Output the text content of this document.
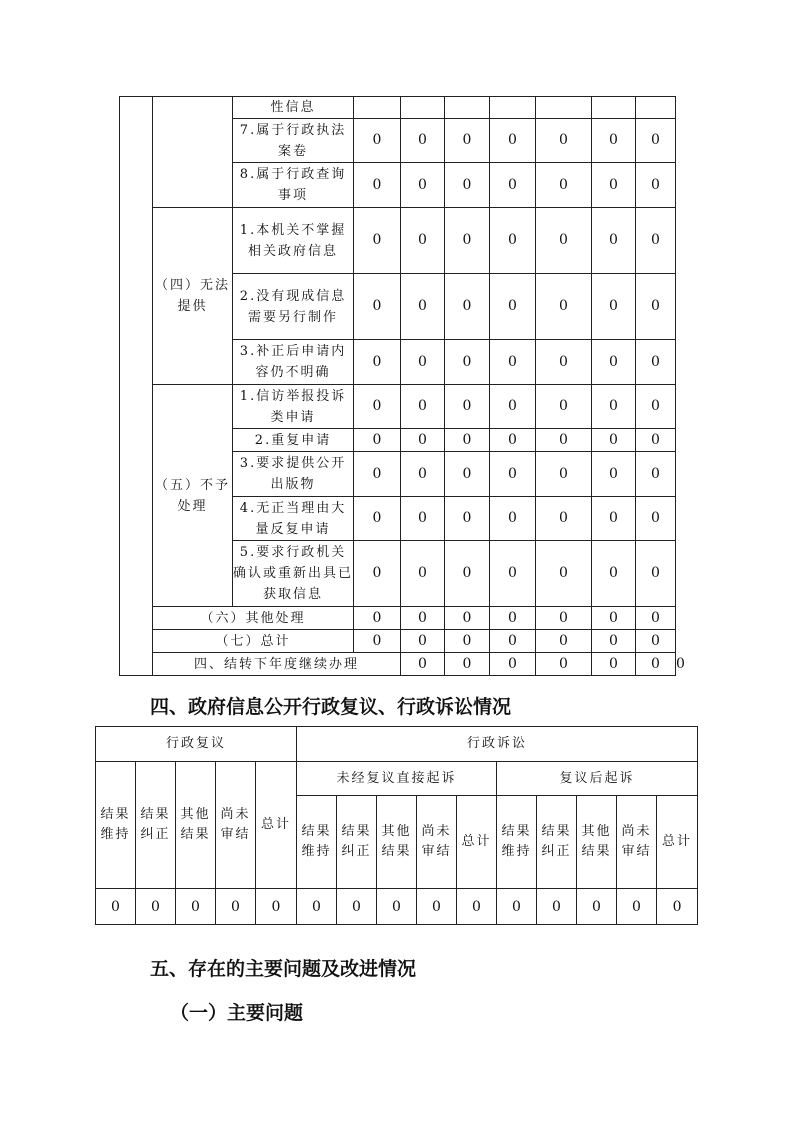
		性信息								
		7.属于行政执法案卷	0	0	0	0	0	0	0	
		8.属于行政查询事项	0	0	0	0	0	0	0	
	（四）无法提供	1.本机关不掌握相关政府信息	0	0	0	0	0	0	0	
		2.没有现成信息需要另行制作	0	0	0	0	0	0	0	
		3.补正后申请内容仍不明确	0	0	0	0	0	0	0	
	（五）不予处理	1.信访举报投诉类申请	0	0	0	0	0	0	0	
		2.重复申请	0	0	0	0	0	0	0	
		3.要求提供公开出版物	0	0	0	0	0	0	0	
		4.无正当理由大量反复申请	0	0	0	0	0	0	0	
		5.要求行政机关确认或重新出具已获取信息	0	0	0	0	0	0	0	
	（六）其他处理		0	0	0	0	0	0	0	
	（七）总计		0	0	0	0	0	0	0	
	四、结转下年度继续办理			0	0	0	0	0	0	0
四、政府信息公开行政复议、行政诉讼情况
行政复议					行政诉讼									
结果维持	结果纠正	其他结果	尚未审结	总计	未经复议直接起诉					复议后起诉				
					结果维持	结果纠正	其他结果	尚未审结	总计	结果维持	结果纠正	其他结果	尚未审结	总计
0	0	0	0	0	0	0	0	0	0	0	0	0	0	0
五、存在的主要问题及改进情况
（一）主要问题
